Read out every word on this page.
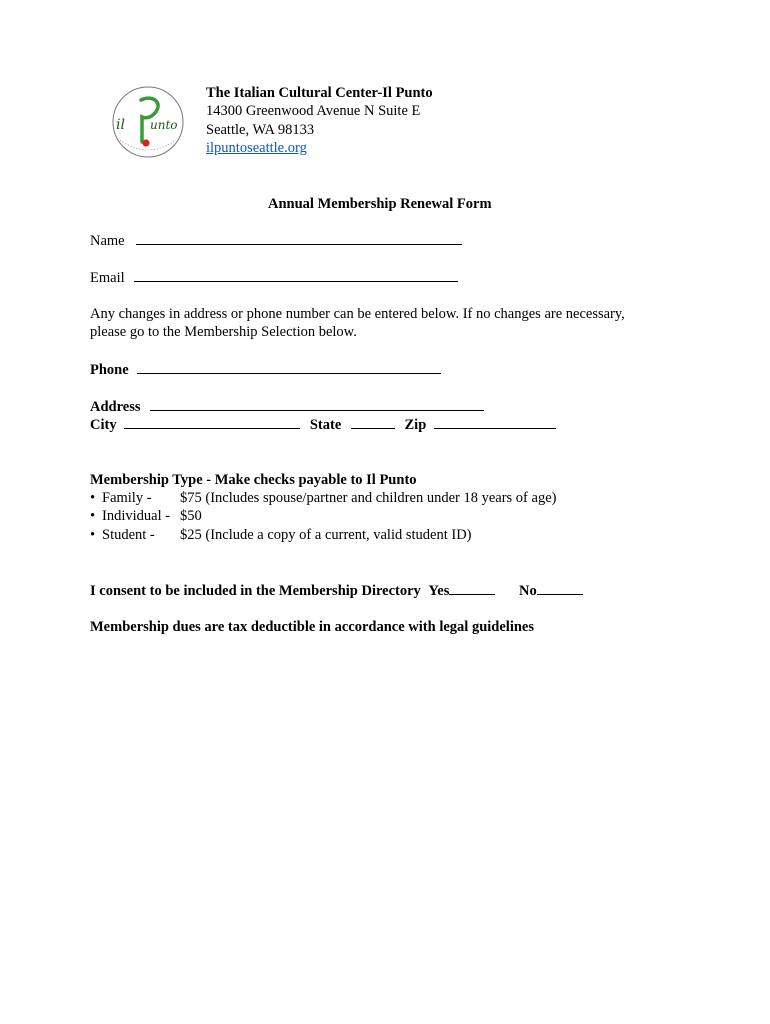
il unto
The Italian Cultural Center-Il Punto
14300 Greenwood Avenue N Suite E
Seattle, WA 98133
ilpuntoseattle.org
Annual Membership Renewal Form
Name
Email
Any changes in address or phone number can be entered below. If no changes are necessary,
please go to the Membership Selection below.
Phone
Address
City	State	Zip
Membership Type - Make checks payable to Il Punto
• Family - $75 (Includes spouse/partner and children under 18 years of age)
• Individual - $50
• Student - $25 (Include a copy of a current, valid student ID)
I consent to be included in the Membership Directory Yes	No
Membership dues are tax deductible in accordance with legal guidelines
